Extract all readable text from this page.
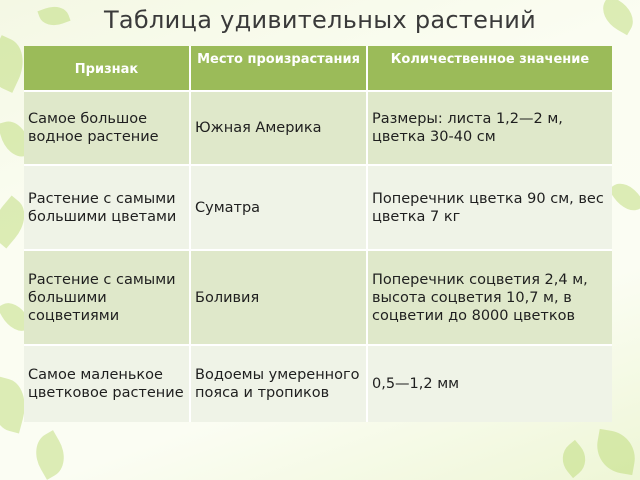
Таблица удивительных растений
Признак
Место произрастания Количественное значение
Самое большое водное растение
Южная Америка
Размеры: листа 1,2—2 м, цветка 30-40 см
Растение с самыми большими цветами
Суматра
Поперечник цветка 90 см, вес цветка 7 кг
Растение с самыми большими соцветиями
Боливия
Поперечник соцветия 2,4 м, высота соцветия 10,7 м, в соцветии до 8000 цветков
Самое маленькое цветковое растение
Водоемы умеренного пояса и тропиков
0,5—1,2 мм
